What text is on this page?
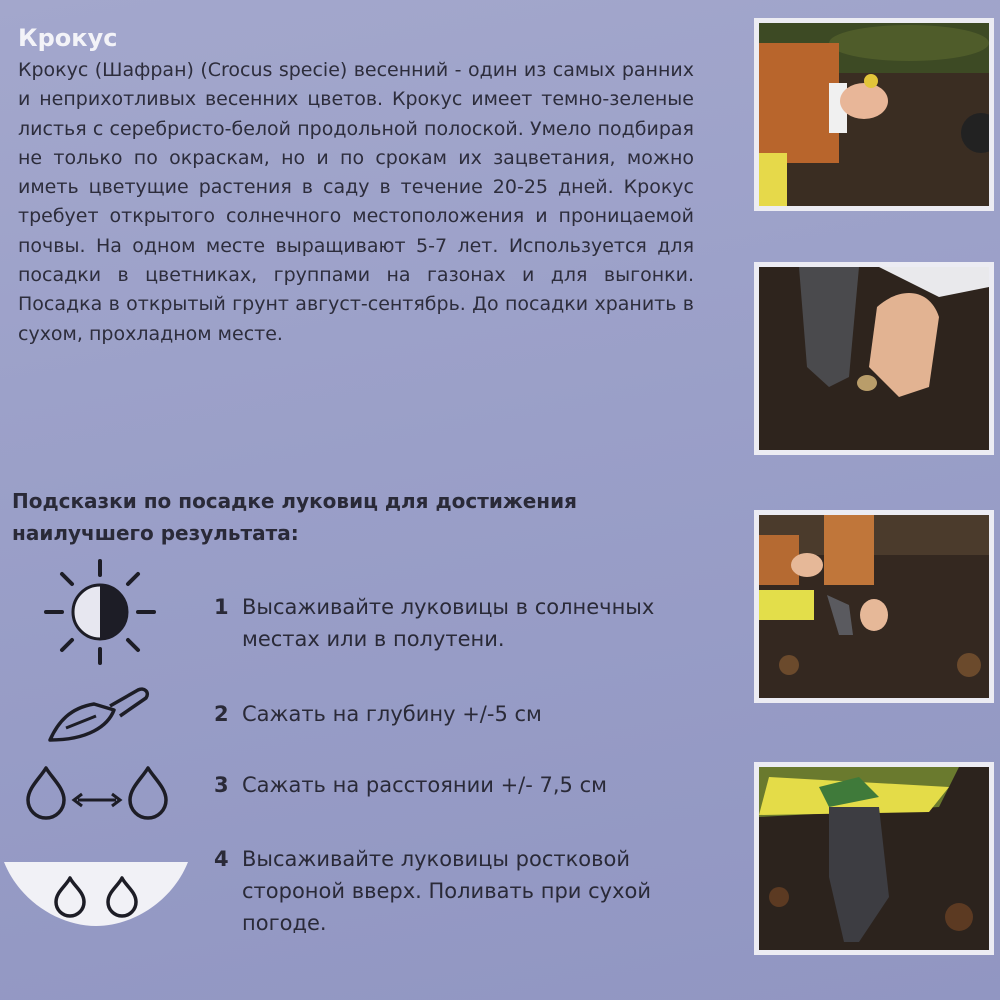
Крокус

Крокус (Шафран) (Crocus specie) весенний - один из самых ранних и неприхотливых весенних цветов. Крокус имеет темно-зеленые листья с серебристо-белой продольной полоской. Умело подбирая не только по окраскам, но и по срокам их зацветания, можно иметь цветущие растения в саду в течение 20-25 дней. Крокус требует открытого солнечного местоположения и проницаемой почвы. На одном месте выращивают 5-7 лет. Используется для посадки в цветниках, группами на газонах и для выгонки. Посадка в открытый грунт август-сентябрь. До посадки хранить в сухом, прохладном месте.

Подсказки по посадке луковиц для достижения наилучшего результата:
1 Высаживайте луковицы в солнечных местах или в полутени.
2 Сажать на глубину +/-5 см
3 Сажать на расстоянии +/- 7,5 см
4 Высаживайте луковицы ростковой стороной вверх. Поливать при сухой погоде.
